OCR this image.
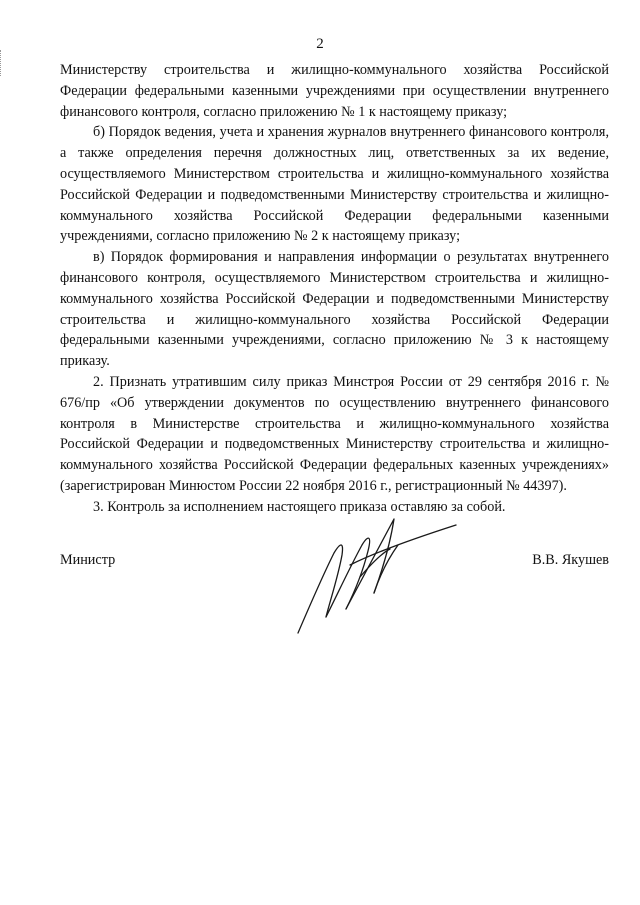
2

Министерству строительства и жилищно-коммунального хозяйства Российской Федерации федеральными казенными учреждениями при осуществлении внутреннего финансового контроля, согласно приложению № 1 к настоящему приказу;

б) Порядок ведения, учета и хранения журналов внутреннего финансового контроля, а также определения перечня должностных лиц, ответственных за их ведение, осуществляемого Министерством строительства и жилищно-коммунального хозяйства Российской Федерации и подведомственными Министерству строительства и жилищно-коммунального хозяйства Российской Федерации федеральными казенными учреждениями, согласно приложению № 2 к настоящему приказу;

в) Порядок формирования и направления информации о результатах внутреннего финансового контроля, осуществляемого Министерством строительства и жилищно-коммунального хозяйства Российской Федерации и подведомственными Министерству строительства и жилищно-коммунального хозяйства Российской Федерации федеральными казенными учреждениями, согласно приложению № 3 к настоящему приказу.

2. Признать утратившим силу приказ Минстроя России от 29 сентября 2016 г. № 676/пр «Об утверждении документов по осуществлению внутреннего финансового контроля в Министерстве строительства и жилищно-коммунального хозяйства Российской Федерации и подведомственных Министерству строительства и жилищно-коммунального хозяйства Российской Федерации федеральных казенных учреждениях» (зарегистрирован Минюстом России 22 ноября 2016 г., регистрационный № 44397).

3. Контроль за исполнением настоящего приказа оставляю за собой.

Министр	В.В. Якушев
